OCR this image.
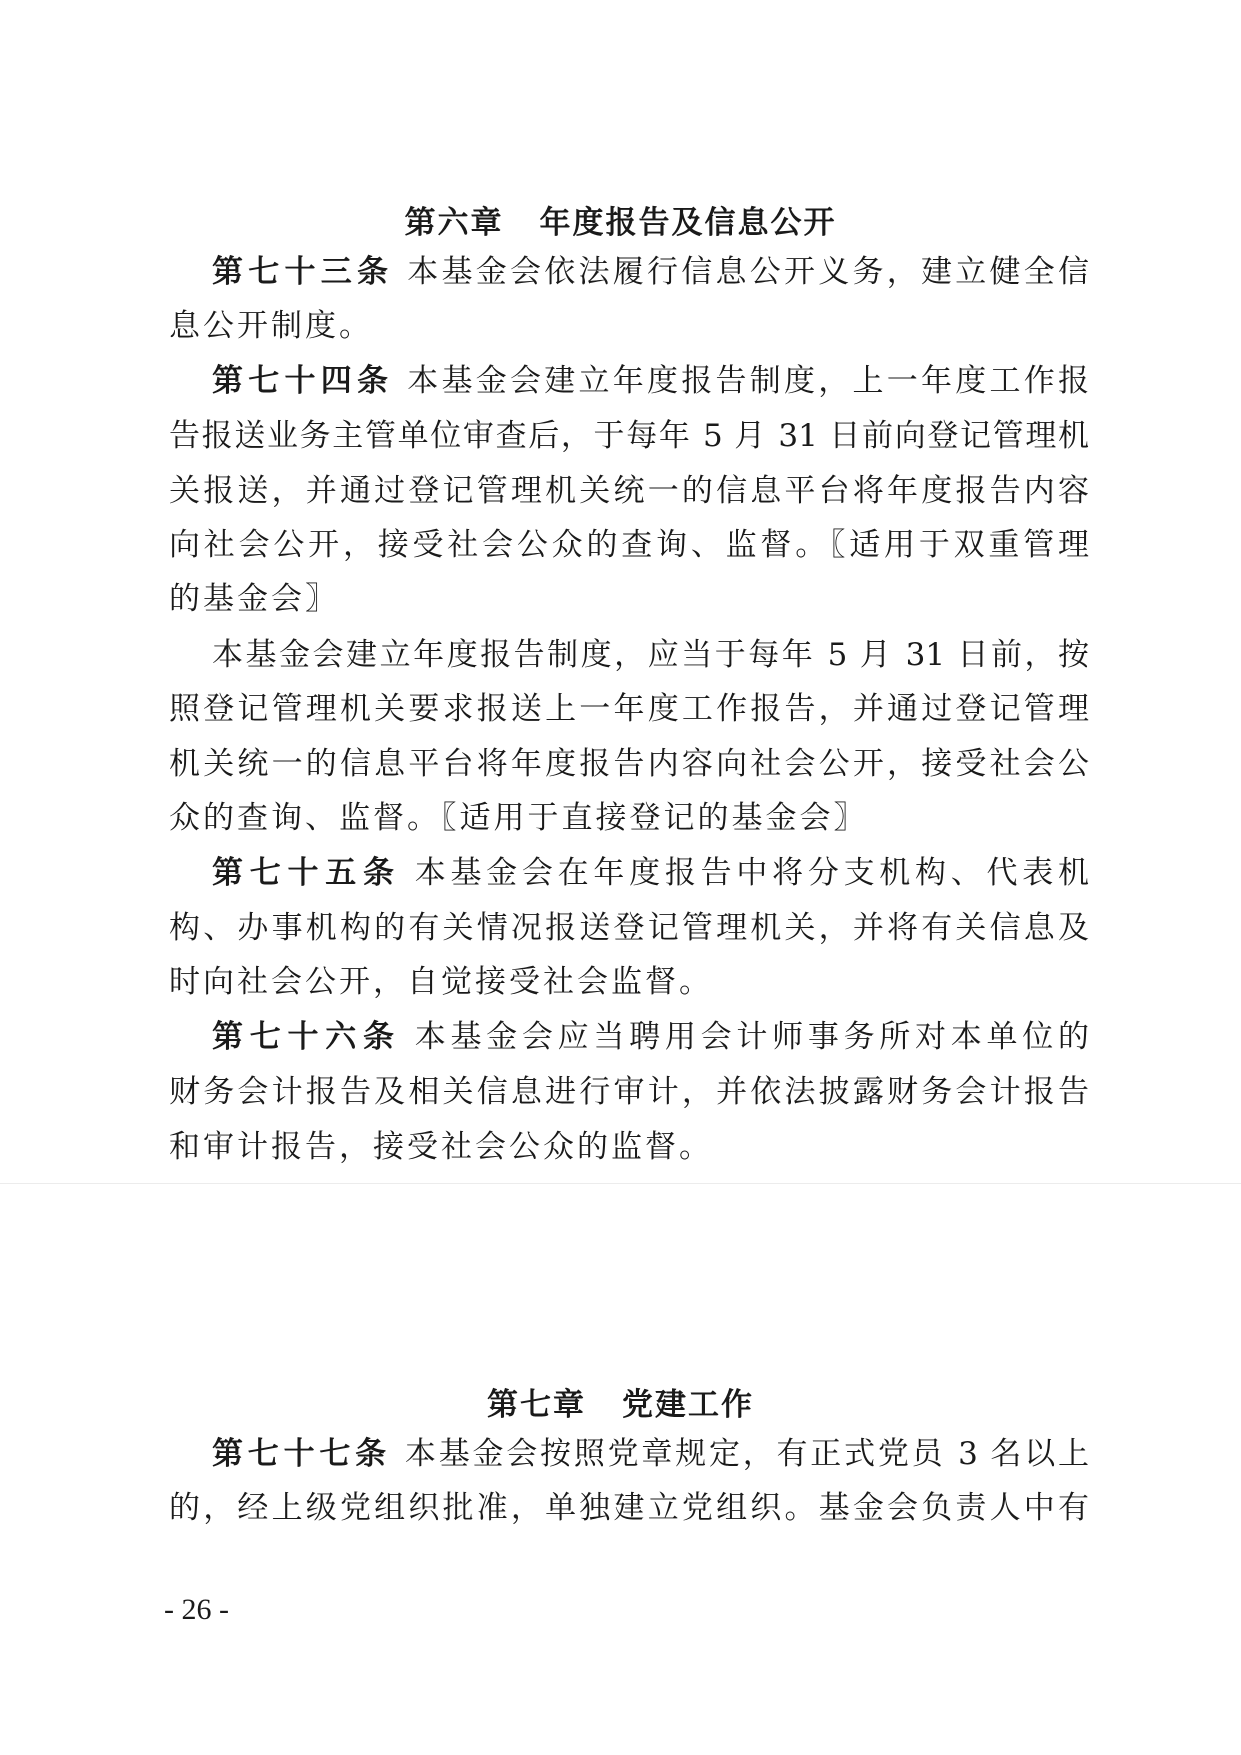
第六章 年度报告及信息公开
第七十三条 本基金会依法履行信息公开义务，建立健全信
息公开制度。
第七十四条 本基金会建立年度报告制度，上一年度工作报
告报送业务主管单位审查后，于每年 5 月 31 日前向登记管理机
关报送，并通过登记管理机关统一的信息平台将年度报告内容
向社会公开，接受社会公众的查询、监督。〖适用于双重管理
的基金会〗
本基金会建立年度报告制度，应当于每年 5 月 31 日前，按
照登记管理机关要求报送上一年度工作报告，并通过登记管理
机关统一的信息平台将年度报告内容向社会公开，接受社会公
众的查询、监督。〖适用于直接登记的基金会〗
第七十五条 本基金会在年度报告中将分支机构、代表机
构、办事机构的有关情况报送登记管理机关，并将有关信息及
时向社会公开，自觉接受社会监督。
第七十六条 本基金会应当聘用会计师事务所对本单位的
财务会计报告及相关信息进行审计，并依法披露财务会计报告
和审计报告，接受社会公众的监督。
第七章 党建工作
第七十七条 本基金会按照党章规定，有正式党员 3 名以上
的，经上级党组织批准，单独建立党组织。基金会负责人中有
- 26 -
